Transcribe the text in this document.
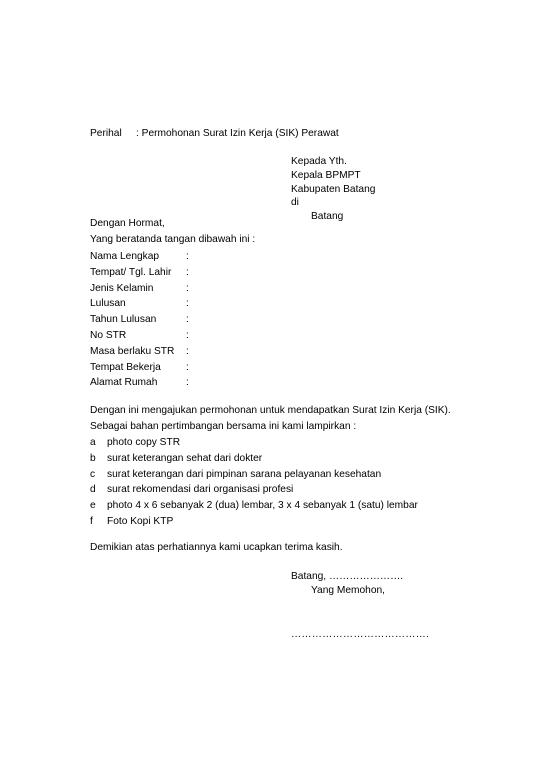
Perihal : Permohonan Surat Izin Kerja (SIK) Perawat
Kepada Yth.
Kepala BPMPT
Kabupaten Batang
di
Batang
Dengan Hormat,
Yang beratanda tangan dibawah ini :
Nama Lengkap	:
Tempat/ Tgl. Lahir :
Jenis Kelamin	:
Lulusan	:
Tahun Lulusan	:
No STR	:
Masa berlaku STR :
Tempat Bekerja :
Alamat Rumah	:
Dengan ini mengajukan permohonan untuk mendapatkan Surat Izin Kerja (SIK).
Sebagai bahan pertimbangan bersama ini kami lampirkan :
a photo copy STR
b surat keterangan sehat dari dokter
c surat keterangan dari pimpinan sarana pelayanan kesehatan
d surat rekomendasi dari organisasi profesi
e photo 4 x 6 sebanyak 2 (dua) lembar, 3 x 4 sebanyak 1 (satu) lembar
f Foto Kopi KTP
Demikian atas perhatiannya kami ucapkan terima kasih.
Batang, ………………….
Yang Memohon,
………………………………….
